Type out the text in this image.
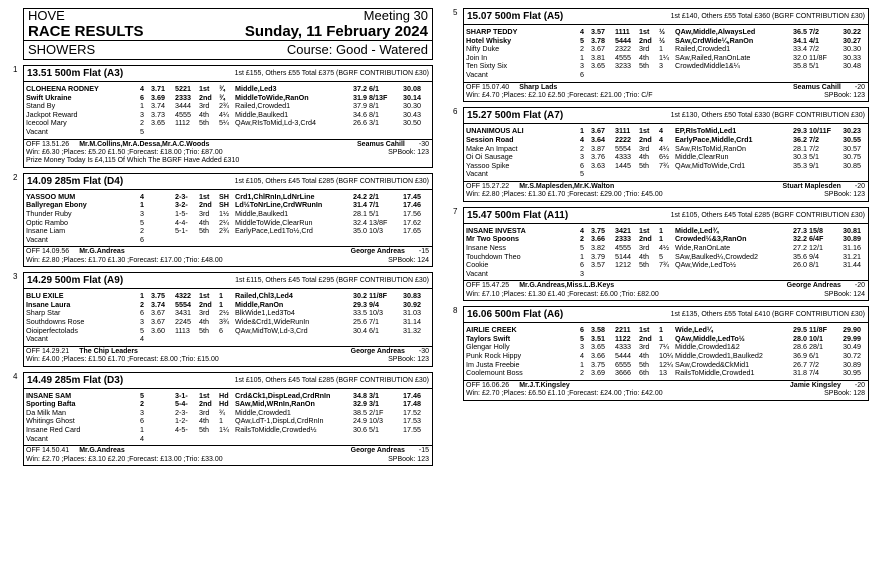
HOVE	Meeting 30
RACE RESULTS	Sunday, 11 February 2024
SHOWERS	Course: Good - Watered
1 13.51 500m Flat (A3)	1st £155, Others £55 Total £375 (BGRF CONTRIBUTION £30)
CLOHEENA RODNEY	4	3.71	5221	1st	¾	Middle,Led3	37.2	6/1	30.08
Swift Ukraine	6	3.69	2333	2nd	¾	MiddleToWide,RanOn	31.9	8/13F	30.14
Stand By	1	3.74	3444	3rd	2¾	Railed,Crowded1	37.9	8/1	30.30
Jackpot Reward	3	3.73	4555	4th	4¼	Middle,Baulked1	34.6	8/1	30.43
Icecool Mary	2	3.65	1112	5th	5¼	QAw,RIsToMid,Ld-3,Crd4	26.6	3/1	30.50
Vacant	5								
OFF 13.51.26 Mr.M.Collins,Mr.A.Dessa,Mr.A.C.Woods	Seamus Cahill -30
Win: £6.30 ;Places: £5.20 £1.50 ;Forecast: £18.00 ;Trio: £87.00	SPBook: 123
Prize Money Today Is £4,115 Of Which The BGRF Have Added £310
2 14.09 285m Flat (D4)	1st £105, Others £45 Total £285 (BGRF CONTRIBUTION £30)
YASSOO MUM	4		2-3-	1st	SH	Crd1,ChlRnIn,LdNrLine	24.2	2/1	17.45
Ballyregan Ebony	1		3-2-	2nd	SH	Ld½ToNrLine,CrdWRunIn	31.4	7/1	17.46
Thunder Ruby	3		1-5-	3rd	1½	Middle,Baulked1	28.1	5/1	17.56
Optic Rambo	5		4-4-	4th	2¼	MiddleToWide,ClearRun	32.4	13/8F	17.62
Insane Liam	2		5-1-	5th	2¾	EarlyPace,Led1To½,Crd	35.0	10/3	17.65
Vacant	6								
OFF 14.09.56 Mr.G.Andreas	George Andreas -15
Win: £2.80 ;Places: £1.70 £1.30 ;Forecast: £17.00 ;Trio: £48.00	SPBook: 124
3 14.29 500m Flat (A9)	1st £115, Others £45 Total £295 (BGRF CONTRIBUTION £30)
BLU EXILE	1	3.75	4322	1st	1	Railed,Chl3,Led4	30.2	11/8F	30.83
Insane Laura	2	3.74	5554	2nd	1	Middle,RanOn	29.3	9/4	30.92
Sharp Star	6	3.67	3431	3rd	2½	BlkWide1,Led3To4	33.5	10/3	31.03
Southdowns Rose	3	3.67	2245	4th	3¾	Wide&Crd1,WideRunIn	25.6	7/1	31.14
Oioiperfectolads	5	3.60	1113	5th	6	QAw,MidToW,Ld-3,Crd	30.4	6/1	31.32
Vacant	4								
OFF 14.29.21 The Chip Leaders	George Andreas -30
Win: £4.00 ;Places: £1.50 £1.70 ;Forecast: £8.00 ;Trio: £15.00	SPBook: 123
4 14.49 285m Flat (D3)	1st £105, Others £45 Total £285 (BGRF CONTRIBUTION £30)
INSANE SAM	5		3-1-	1st	Hd	Crd&Ck1,DispLead,CrdRnIn	34.8	3/1	17.46
Sporting Bafta	2		5-4-	2nd	Hd	SAw,Mid,WRnIn,RanOn	32.9	3/1	17.48
Da Milk Man	3		2-3-	3rd	¾	Middle,Crowded1	38.5	2/1F	17.52
Whitings Ghost	6		1-2-	4th	1	QAw,LdT-1,DispLd,CrdRnIn	24.9	10/3	17.53
Insane Red Card	1		4-5-	5th	1¼	RailsToMiddle,Crowded½	30.6	5/1	17.55
Vacant	4								
OFF 14.50.41 Mr.G.Andreas	George Andreas -15
Win: £2.70 ;Places: £3.10 £2.20 ;Forecast: £13.00 ;Trio: £33.00	SPBook: 123
5 15.07 500m Flat (A5)	1st £140, Others £55 Total £360 (BGRF CONTRIBUTION £30)
SHARP TEDDY	4	3.57	1111	1st	½	QAw,Middle,AlwaysLed	36.5	7/2	30.22
Hotel Whisky	5	3.78	5444	2nd	½	SAw,CrdWide¼,RanOn	34.1	4/1	30.27
Nifty Duke	2	3.67	2322	3rd	1	Railed,Crowded1	33.4	7/2	30.30
Join In	1	3.81	4555	4th	1¼	SAw,Railed,RanOnLate	32.0	11/8F	30.33
Ten Sixty Six	3	3.65	3233	5th	3	CrowdedMiddle1&¼	35.8	5/1	30.48
Vacant	6								
OFF 15.07.40 Sharp Lads	Seamus Cahill -20
Win: £4.70 ;Places: £2.10 £2.50 ;Forecast: £21.00 ;Trio: C/F	SPBook: 123
6 15.27 500m Flat (A7)	1st £130, Others £50 Total £330 (BGRF CONTRIBUTION £30)
UNANIMOUS ALI	1	3.67	3111	1st	4	EP,RIsToMid,Led1	29.3	10/11F	30.23
Session Road	4	3.64	2222	2nd	4	EarlyPace,Middle,Crd1	36.2	7/2	30.55
Make An Impact	2	3.87	5554	3rd	4¼	SAw,RIsToMid,RanOn	28.1	7/2	30.57
Oi Oi Sausage	3	3.76	4333	4th	6½	Middle,ClearRun	30.3	5/1	30.75
Yassoo Spike	6	3.63	1445	5th	7¾	QAw,MidToWide,Crd1	35.3	9/1	30.85
Vacant	5								
OFF 15.27.22 Mr.S.Maplesden,Mr.K.Walton	Stuart Maplesden -20
Win: £2.80 ;Places: £1.30 £1.70 ;Forecast: £29.00 ;Trio: £45.00	SPBook: 123
7 15.47 500m Flat (A11)	1st £105, Others £45 Total £285 (BGRF CONTRIBUTION £30)
INSANE INVESTA	4	3.75	3421	1st	1	Middle,Led¾	27.3	15/8	30.81
Mr Two Spoons	2	3.66	2333	2nd	1	Crowded½&3,RanOn	32.2	6/4F	30.89
Insane Ness	5	3.82	4555	3rd	4½	Wide,RanOnLate	27.2	12/1	31.16
Touchdown Theo	1	3.79	5144	4th	5	SAw,Baulked¼,Crowded2	35.6	9/4	31.21
Cookie	6	3.57	1212	5th	7¾	QAw,Wide,LedTo½	26.0	8/1	31.44
Vacant	3								
OFF 15.47.25 Mr.G.Andreas,Miss.L.B.Keys	George Andreas -20
Win: £7.10 ;Places: £1.30 £1.40 ;Forecast: £6.00 ;Trio: £82.00	SPBook: 124
8 16.06 500m Flat (A6)	1st £135, Others £55 Total £410 (BGRF CONTRIBUTION £30)
AIRLIE CREEK	6	3.58	2211	1st	1	Wide,Led¼	29.5	11/8F	29.90
Taylors Swift	5	3.51	1122	2nd	1	QAw,Middle,LedTo½	28.0	10/1	29.99
Glengar Holly	3	3.65	4333	3rd	7¼	Middle,Crowded1&2	28.6	28/1	30.49
Punk Rock Hippy	4	3.66	5444	4th	10¼	Middle,Crowded1,Baulked2	36.9	6/1	30.72
Im Justa Freebie	1	3.75	6555	5th	12¼	SAw,Crowded&CkMid1	26.7	7/2	30.89
Coolemount Boss	2	3.69	3666	6th	13	RailsToMiddle,Crowded1	31.8	7/4	30.95
OFF 16.06.26 Mr.J.T.Kingsley	Jamie Kingsley -20
Win: £2.70 ;Places: £6.50 £1.10 ;Forecast: £24.00 ;Trio: £42.00	SPBook: 128
